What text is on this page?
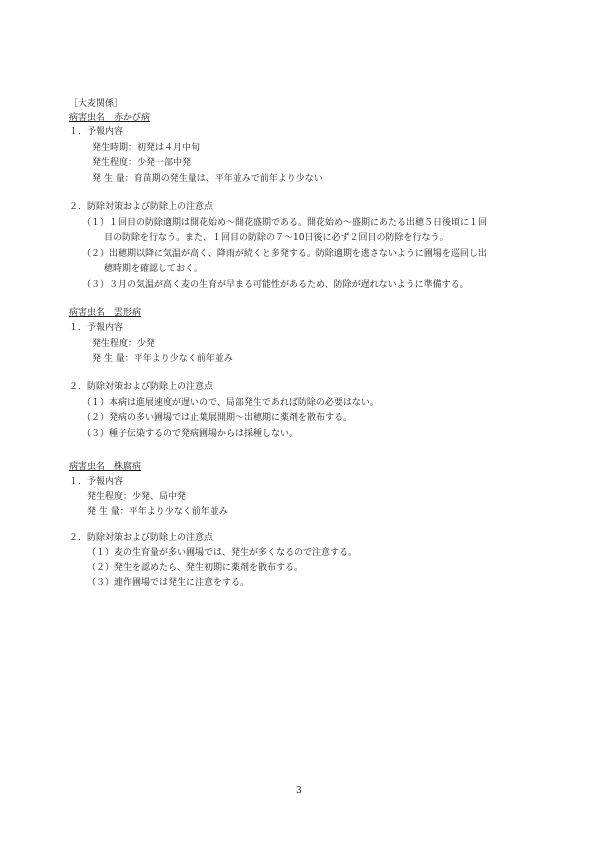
［大麦関係］
病害虫名　赤かび病
１．予報内容
発生時期：初発は４月中旬
発生程度：少発一部中発
発 生 量：育苗期の発生量は、平年並みで前年より少ない
２．防除対策および防除上の注意点
（１）１回目の防除適期は開花始め～開花盛期である。開花始め～盛期にあたる出穂５日後頃に１回
目の防除を行なう。また、１回目の防除の７～10日後に必ず２回目の防除を行なう。
（２）出穂期以降に気温が高く、降雨が続くと多発する。防除適期を逃さないように圃場を巡回し出
穂時期を確認しておく。
（３）３月の気温が高く麦の生育が早まる可能性があるため、防除が遅れないように準備する。
病害虫名　雲形病
１．予報内容
発生程度：少発
発 生 量：平年より少なく前年並み
２．防除対策および防除上の注意点
（１）本病は進展速度が遅いので、局部発生であれば防除の必要はない。
（２）発病の多い圃場では止葉展開期～出穂期に薬剤を散布する。
（３）種子伝染するので発病圃場からは採種しない。
病害虫名　株腐病
１．予報内容
発生程度：少発、局中発
発 生 量：平年より少なく前年並み
２．防除対策および防除上の注意点
（１）麦の生育量が多い圃場では、発生が多くなるので注意する。
（２）発生を認めたら、発生初期に薬剤を散布する。
（３）連作圃場では発生に注意をする。
3
